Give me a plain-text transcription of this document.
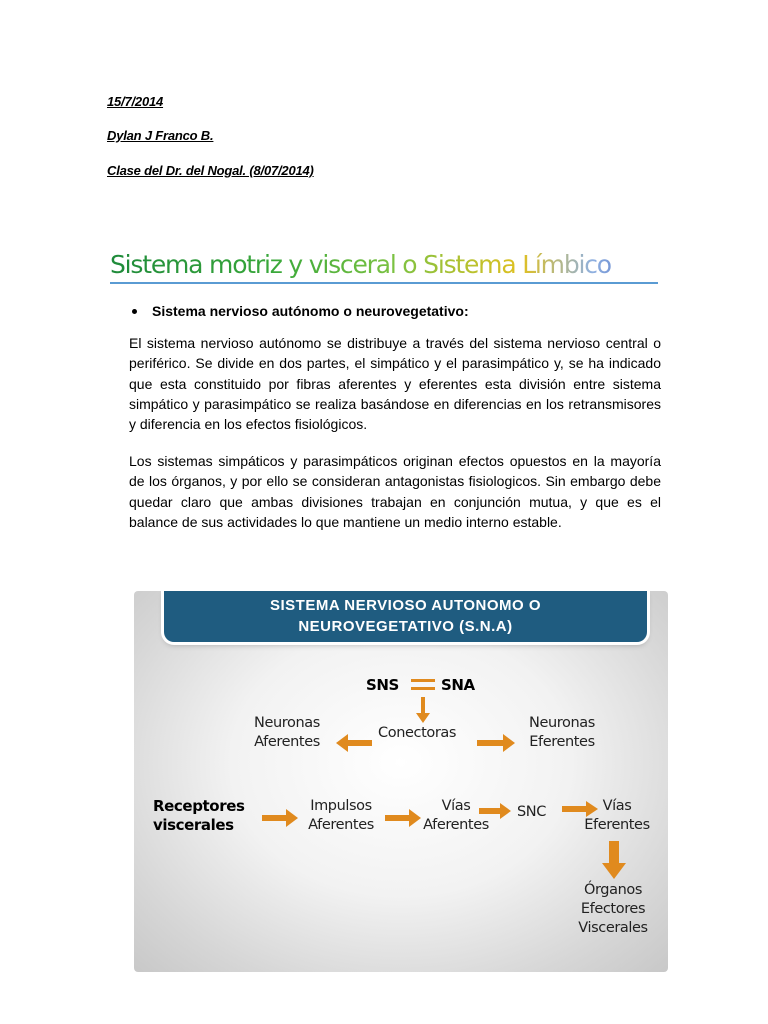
15/7/2014
Dylan J Franco B.
Clase del Dr. del Nogal. (8/07/2014)
Sistema motriz y visceral o Sistema Límbico
Sistema nervioso autónomo o neurovegetativo:

El sistema nervioso autónomo se distribuye a través del sistema nervioso central o periférico. Se divide en dos partes, el simpático y el parasimpático y, se ha indicado que esta constituido por fibras aferentes y eferentes esta división entre sistema simpático y parasimpático se realiza basándose en diferencias en los retransmisores y diferencia en los efectos fisiológicos.

Los sistemas simpáticos y parasimpáticos originan efectos opuestos en la mayoría de los órganos, y por ello se consideran antagonistas fisiologicos. Sin embargo debe quedar claro que ambas divisiones trabajan en conjunción mutua, y que es el balance de sus actividades lo que mantiene un medio interno estable.

SISTEMA NERVIOSO AUTONOMO O
NEUROVEGETATIVO (S.N.A)
SNS	SNA
Conectoras
Neuronas
Aferentes
Neuronas
Eferentes
Receptores
viscerales
Impulsos
Aferentes
Vías
Aferentes
SNC	Vías
Eferentes
Órganos
Efectores
Viscerales
